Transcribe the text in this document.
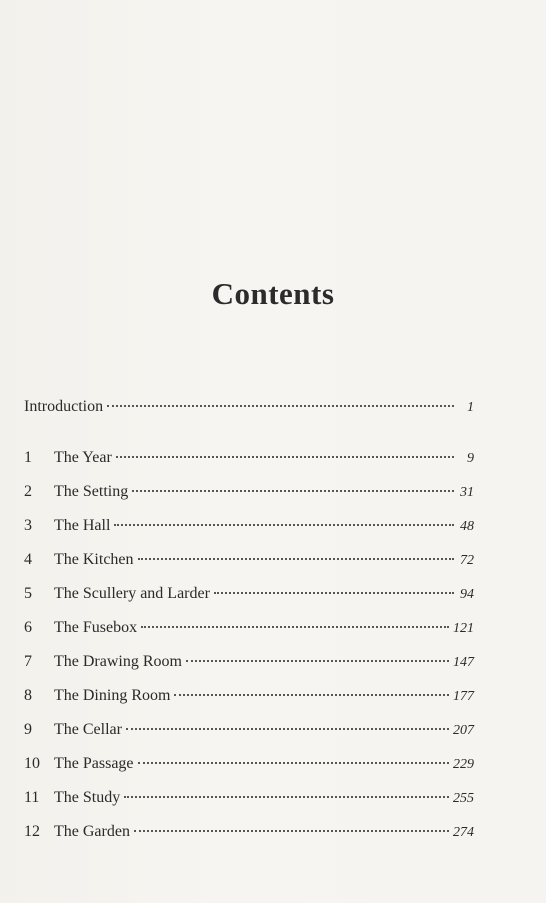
Contents
Introduction	1
1	The Year	9
2	The Setting	31
3	The Hall	48
4	The Kitchen	72
5	The Scullery and Larder	94
6	The Fusebox	121
7	The Drawing Room	147
8	The Dining Room	177
9	The Cellar	207
10 The Passage	229
11 The Study	255
12 The Garden	274
